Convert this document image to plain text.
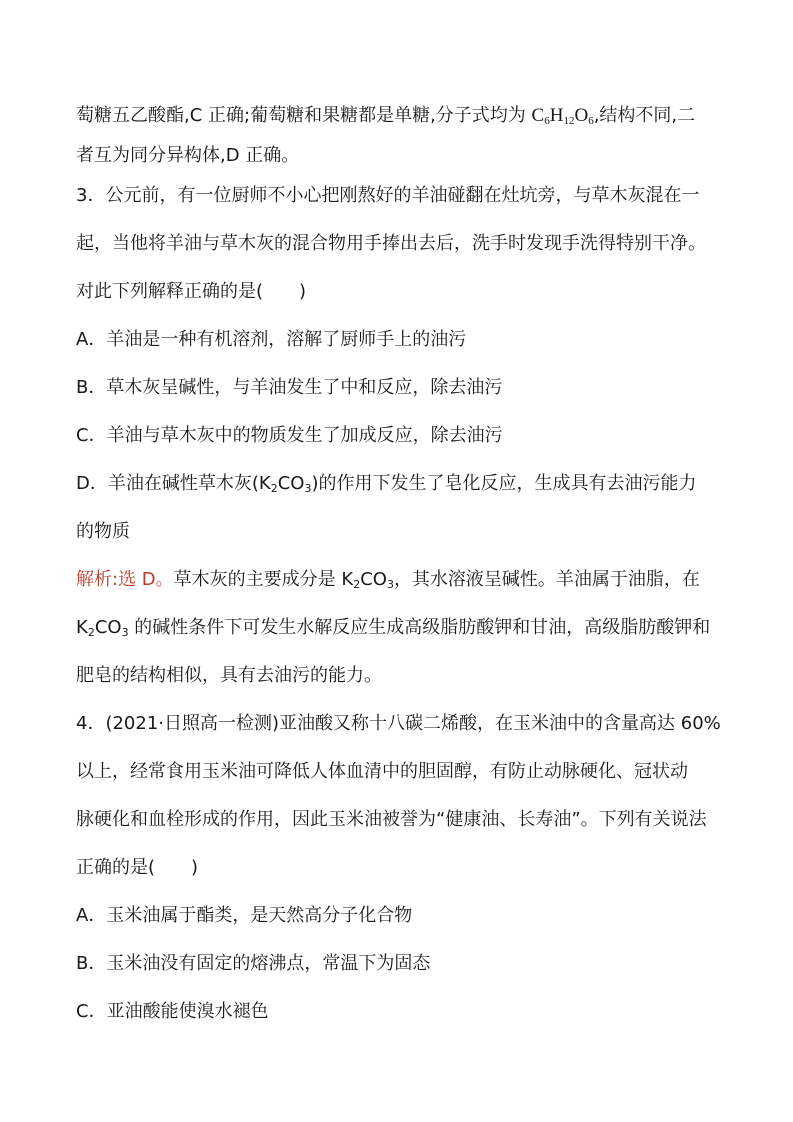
萄糖五乙酸酯,C 正确;葡萄糖和果糖都是单糖,分子式均为 $C_6H_{12}O_6$,结构不同,二
者互为同分异构体,D 正确。
3．公元前，有一位厨师不小心把刚熬好的羊油碰翻在灶坑旁，与草木灰混在一
起，当他将羊油与草木灰的混合物用手捧出去后，洗手时发现手洗得特别干净。
对此下列解释正确的是(　　)
A．羊油是一种有机溶剂，溶解了厨师手上的油污
B．草木灰呈碱性，与羊油发生了中和反应，除去油污
C．羊油与草木灰中的物质发生了加成反应，除去油污
D．羊油在碱性草木灰$(K_2CO_3)$的作用下发生了皂化反应，生成具有去油污能力
的物质
解析:选 D。草木灰的主要成分是 $K_2CO_3$，其水溶液呈碱性。羊油属于油脂，在
$K_2CO_3$ 的碱性条件下可发生水解反应生成高级脂肪酸钾和甘油，高级脂肪酸钾和
肥皂的结构相似，具有去油污的能力。
4．(2021·日照高一检测)亚油酸又称十八碳二烯酸，在玉米油中的含量高达 60%
以上，经常食用玉米油可降低人体血清中的胆固醇，有防止动脉硬化、冠状动
脉硬化和血栓形成的作用，因此玉米油被誉为“健康油、长寿油”。下列有关说法
正确的是(　　)
A．玉米油属于酯类，是天然高分子化合物
B．玉米油没有固定的熔沸点，常温下为固态
C．亚油酸能使溴水褪色
